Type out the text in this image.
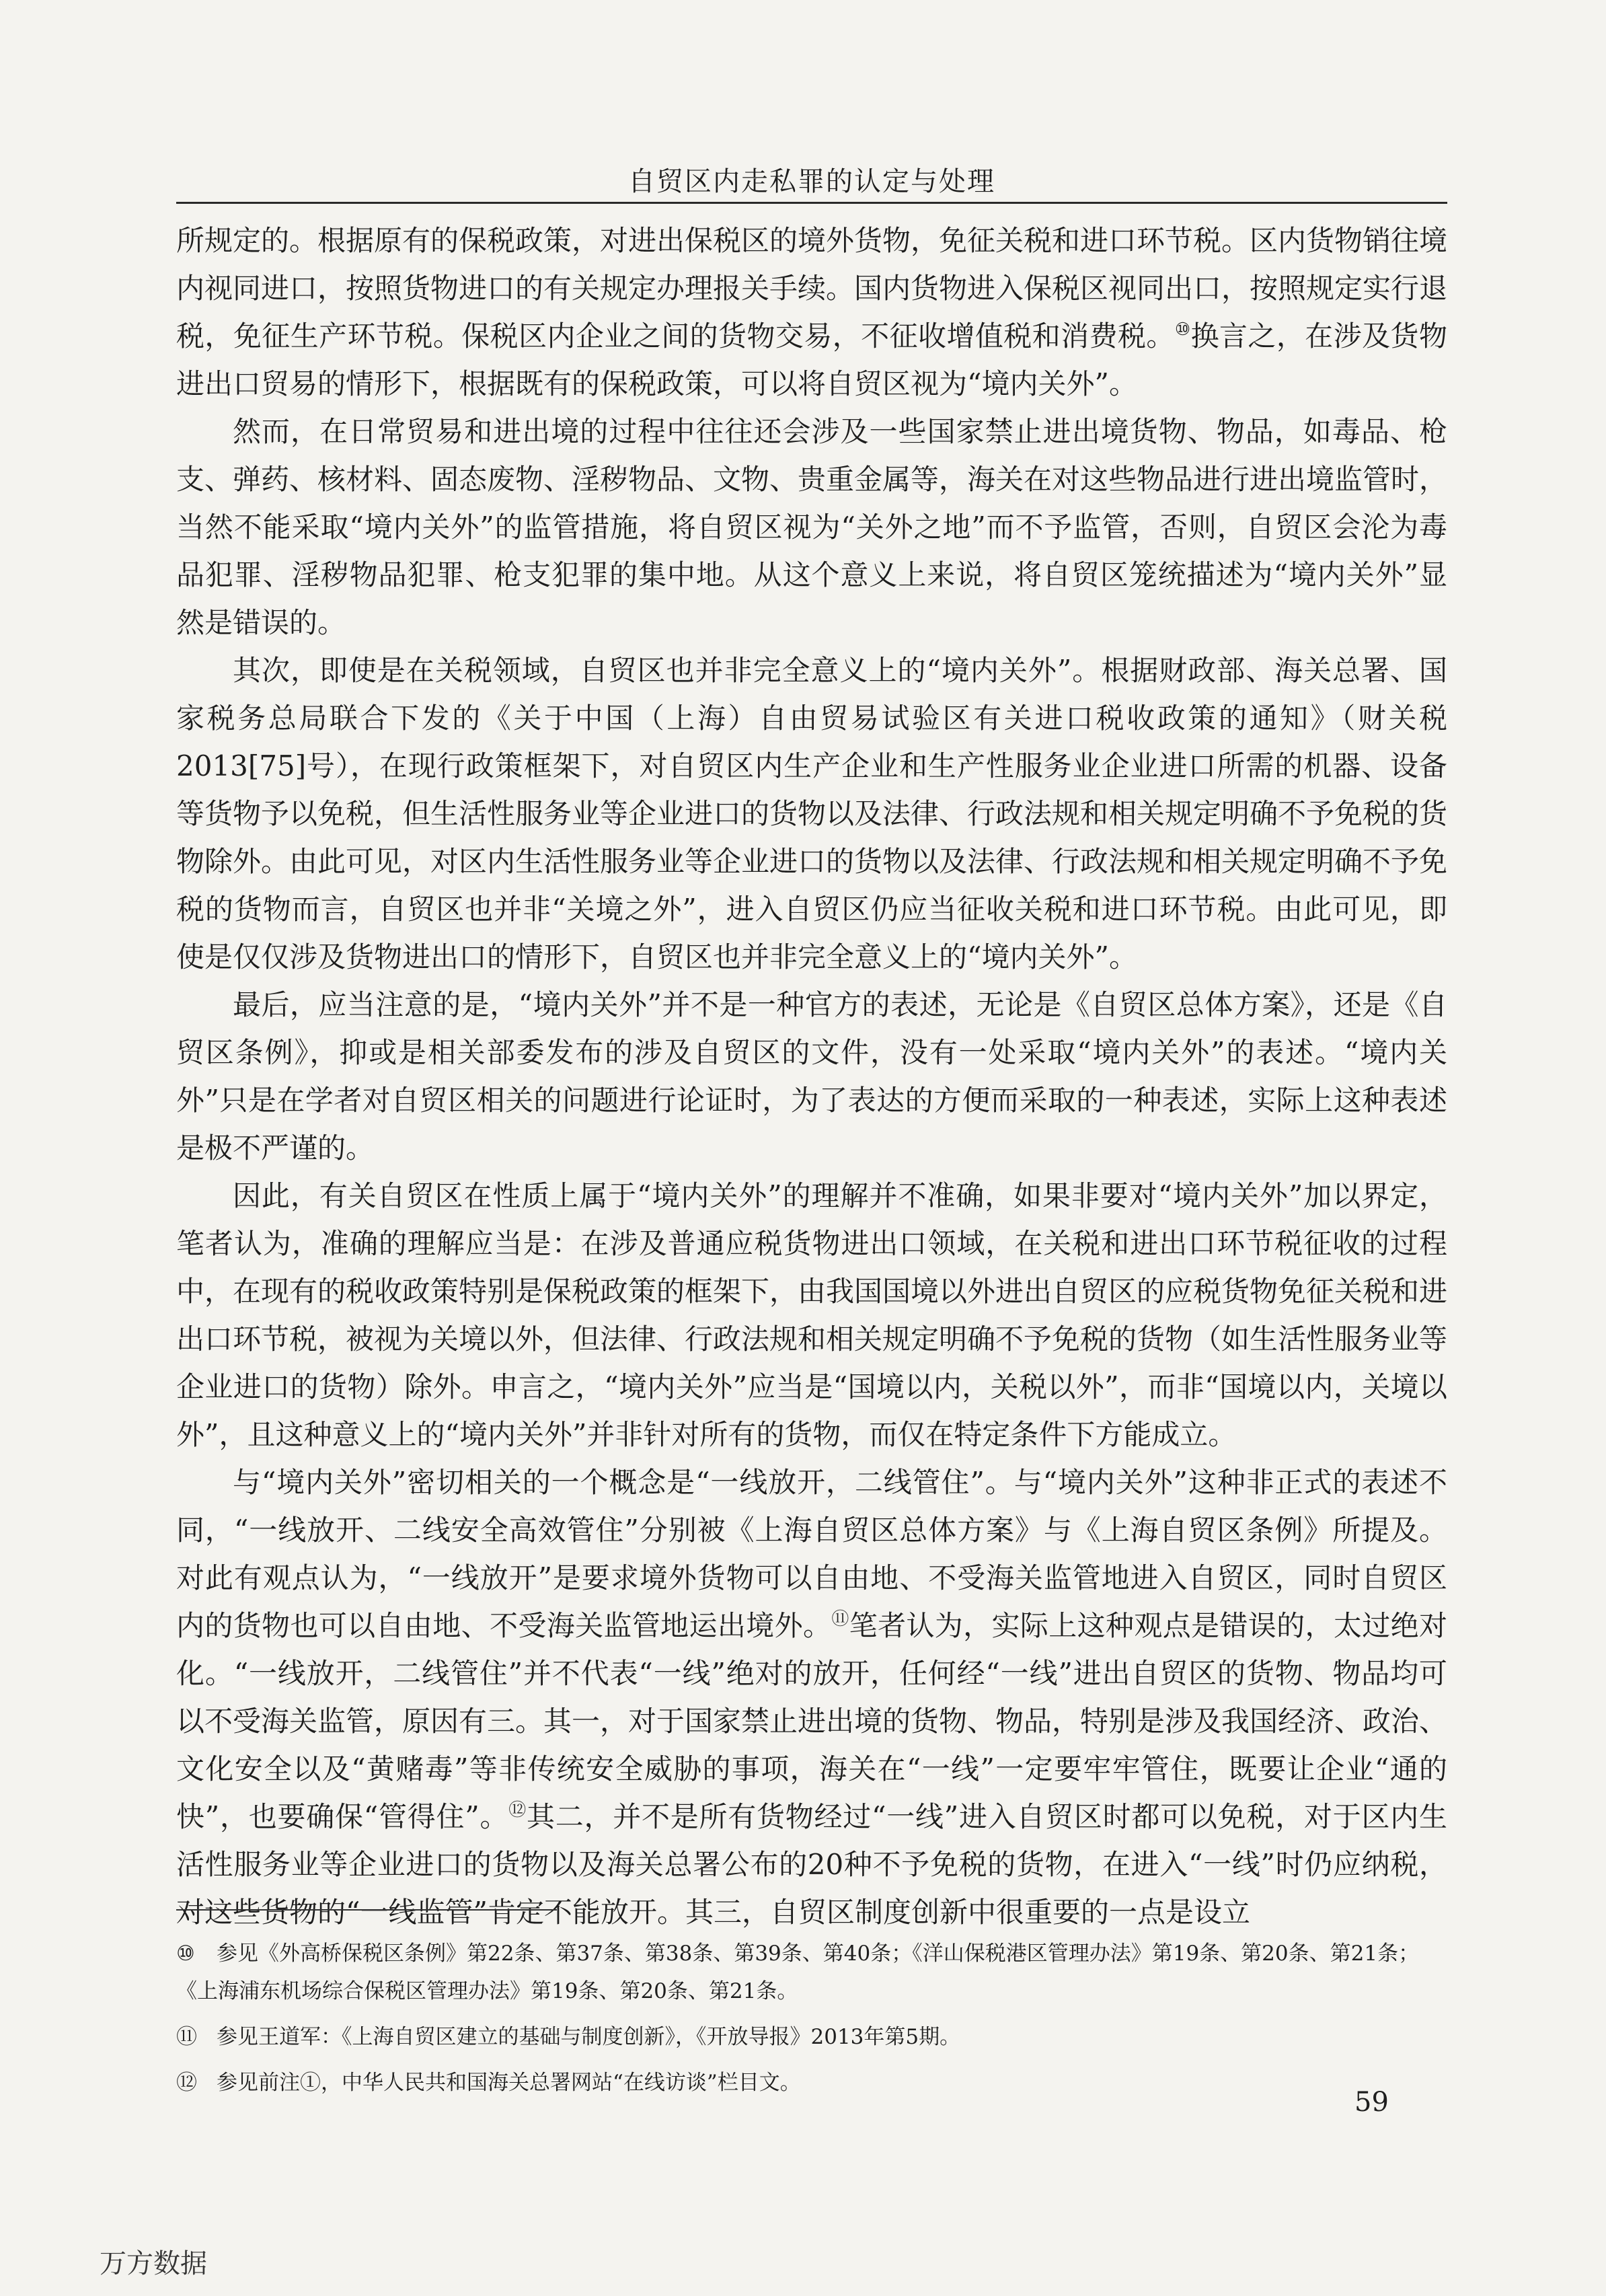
自贸区内走私罪的认定与处理

所规定的。根据原有的保税政策，对进出保税区的境外货物，免征关税和进口环节税。区内货物销往境内视同进口，按照货物进口的有关规定办理报关手续。国内货物进入保税区视同出口，按照规定实行退税，免征生产环节税。保税区内企业之间的货物交易，不征收增值税和消费税。⑩换言之，在涉及货物进出口贸易的情形下，根据既有的保税政策，可以将自贸区视为“境内关外”。

然而，在日常贸易和进出境的过程中往往还会涉及一些国家禁止进出境货物、物品，如毒品、枪支、弹药、核材料、固态废物、淫秽物品、文物、贵重金属等，海关在对这些物品进行进出境监管时，当然不能采取“境内关外”的监管措施，将自贸区视为“关外之地”而不予监管，否则，自贸区会沦为毒品犯罪、淫秽物品犯罪、枪支犯罪的集中地。从这个意义上来说，将自贸区笼统描述为“境内关外”显然是错误的。

其次，即使是在关税领域，自贸区也并非完全意义上的“境内关外”。根据财政部、海关总署、国家税务总局联合下发的《关于中国（上海）自由贸易试验区有关进口税收政策的通知》（财关税2013[75]号），在现行政策框架下，对自贸区内生产企业和生产性服务业企业进口所需的机器、设备等货物予以免税，但生活性服务业等企业进口的货物以及法律、行政法规和相关规定明确不予免税的货物除外。由此可见，对区内生活性服务业等企业进口的货物以及法律、行政法规和相关规定明确不予免税的货物而言，自贸区也并非“关境之外”，进入自贸区仍应当征收关税和进口环节税。由此可见，即使是仅仅涉及货物进出口的情形下，自贸区也并非完全意义上的“境内关外”。

最后，应当注意的是，“境内关外”并不是一种官方的表述，无论是《自贸区总体方案》，还是《自贸区条例》，抑或是相关部委发布的涉及自贸区的文件，没有一处采取“境内关外”的表述。“境内关外”只是在学者对自贸区相关的问题进行论证时，为了表达的方便而采取的一种表述，实际上这种表述是极不严谨的。

因此，有关自贸区在性质上属于“境内关外”的理解并不准确，如果非要对“境内关外”加以界定，笔者认为，准确的理解应当是：在涉及普通应税货物进出口领域，在关税和进出口环节税征收的过程中，在现有的税收政策特别是保税政策的框架下，由我国国境以外进出自贸区的应税货物免征关税和进出口环节税，被视为关境以外，但法律、行政法规和相关规定明确不予免税的货物（如生活性服务业等企业进口的货物）除外。申言之，“境内关外”应当是“国境以内，关税以外”，而非“国境以内，关境以外”，且这种意义上的“境内关外”并非针对所有的货物，而仅在特定条件下方能成立。

与“境内关外”密切相关的一个概念是“一线放开，二线管住”。与“境内关外”这种非正式的表述不同，“一线放开、二线安全高效管住”分别被《上海自贸区总体方案》与《上海自贸区条例》所提及。对此有观点认为，“一线放开”是要求境外货物可以自由地、不受海关监管地进入自贸区，同时自贸区内的货物也可以自由地、不受海关监管地运出境外。⑪笔者认为，实际上这种观点是错误的，太过绝对化。“一线放开，二线管住”并不代表“一线”绝对的放开，任何经“一线”进出自贸区的货物、物品均可以不受海关监管，原因有三。其一，对于国家禁止进出境的货物、物品，特别是涉及我国经济、政治、文化安全以及“黄赌毒”等非传统安全威胁的事项，海关在“一线”一定要牢牢管住，既要让企业“通的快”，也要确保“管得住”。⑫其二，并不是所有货物经过“一线”进入自贸区时都可以免税，对于区内生活性服务业等企业进口的货物以及海关总署公布的20种不予免税的货物，在进入“一线”时仍应纳税，对这些货物的“一线监管”肯定不能放开。其三，自贸区制度创新中很重要的一点是设立

⑩ 参见《外高桥保税区条例》第22条、第37条、第38条、第39条、第40条；《洋山保税港区管理办法》第19条、第20条、第21条；《上海浦东机场综合保税区管理办法》第19条、第20条、第21条。

⑪ 参见王道军：《上海自贸区建立的基础与制度创新》，《开放导报》2013年第5期。

⑫ 参见前注①，中华人民共和国海关总署网站“在线访谈”栏目文。

59
万方数据
